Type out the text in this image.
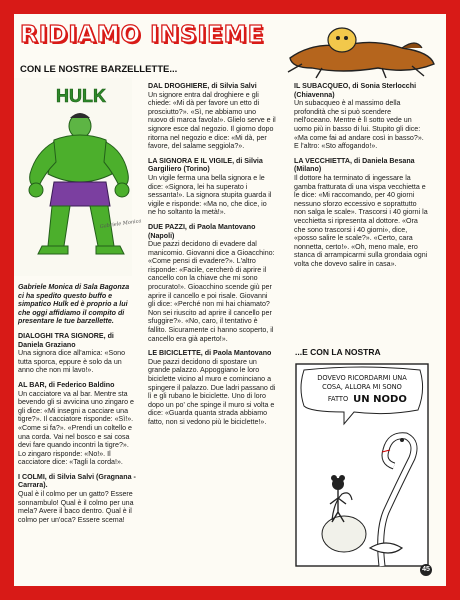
RIDIAMO INSIEME
CON LE NOSTRE BARZELLETTE...
HULK
Gabriele Monica

Gabriele Monica di Sala Bagonza ci ha spedito questo buffo e simpatico Hulk ed è proprio a lui che oggi affidiamo il compito di presentare le tue barzellette.

DIALOGHI TRA SIGNORE, di Daniela Graziano

Una signora dice all'amica: «Sono tutta sporca, eppure è solo da un anno che non mi lavo!».

AL BAR, di Federico Baldino

Un cacciatore va al bar. Mentre sta bevendo gli si avvicina uno zingaro e gli dice: «Mi insegni a cacciare una tigre?». Il cacciatore risponde: «Sì!». «Come si fa?». «Prendi un coltello e una corda. Vai nel bosco e sai cosa devi fare quando incontri la tigre?». Lo zingaro risponde: «No!». Il cacciatore dice: «Tagli la corda!».

I COLMI, di Silvia Salvi (Gragnana - Carrara).

Qual è il colmo per un gatto? Essere sonnambulo! Qual è il colmo per una mela? Avere il baco dentro. Qual è il colmo per un'oca? Essere scema!

DAL DROGHIERE, di Silvia Salvi

Un signore entra dal droghiere e gli chiede: «Mi dà per favore un etto di prosciutto?». «Sì, ne abbiamo uno nuovo di marca favola!». Glielo serve e il signore esce dal negozio. Il giorno dopo ritorna nel negozio e dice: «Mi dà, per favore, del salame seggiola?».

LA SIGNORA E IL VIGILE, di Silvia Gargiliero (Torino)

Un vigile ferma una bella signora e le dice: «Signora, lei ha superato i sessanta!». La signora stupita guarda il vigile e risponde: «Ma no, che dice, io ne ho soltanto la metà!».

DUE PAZZI, di Paola Mantovano (Napoli)

Due pazzi decidono di evadere dal manicomio. Giovanni dice a Gioacchino: «Come pensi di evadere?». L'altro risponde: «Facile, cercherò di aprire il cancello con la chiave che mi sono procurato!». Gioacchino scende giù per aprire il cancello e poi risale. Giovanni gli dice: «Perché non mi hai chiamato? Non sei riuscito ad aprire il cancello per sfuggire?». «No, caro, il tentativo è fallito. Sicuramente ci hanno scoperto, il cancello era già aperto!».

LE BICICLETTE, di Paola Mantovano

Due pazzi decidono di spostare un grande palazzo. Appoggiano le loro biciclette vicino al muro e cominciano a spingere il palazzo. Due ladri passano di lì e gli rubano le biciclette. Uno di loro dopo un po' che spinge il muro si volta e dice: «Guarda quanta strada abbiamo fatto, non si vedono più le biciclette!».

IL SUBACQUEO, di Sonia Sterlocchi (Chiavenna)

Un subacqueo è al massimo della profondità che si può scendere nell'oceano. Mentre è lì sotto vede un uomo più in basso di lui. Stupito gli dice: «Ma come fai ad andare così in basso?». E l'altro: «Sto affogando!».

LA VECCHIETTA, di Daniela Besana (Milano)

Il dottore ha terminato di ingessare la gamba fratturata di una vispa vecchietta e le dice: «Mi raccomando, per 40 giorni nessuno sforzo eccessivo e soprattutto non salga le scale». Trascorsi i 40 giorni la vecchietta si ripresenta al dottore. «Ora che sono trascorsi i 40 giorni», dice, «posso salire le scale?». «Certo, cara nonnetta, certo!». «Oh, meno male, ero stanca di arrampicarmi sulla grondaia ogni volta che dovevo salire in casa».

...E CON LA NOSTRA
DOVEVO RICORDARMI UNA
COSA, ALLORA MI SONO
FATTO UN NODO
45
